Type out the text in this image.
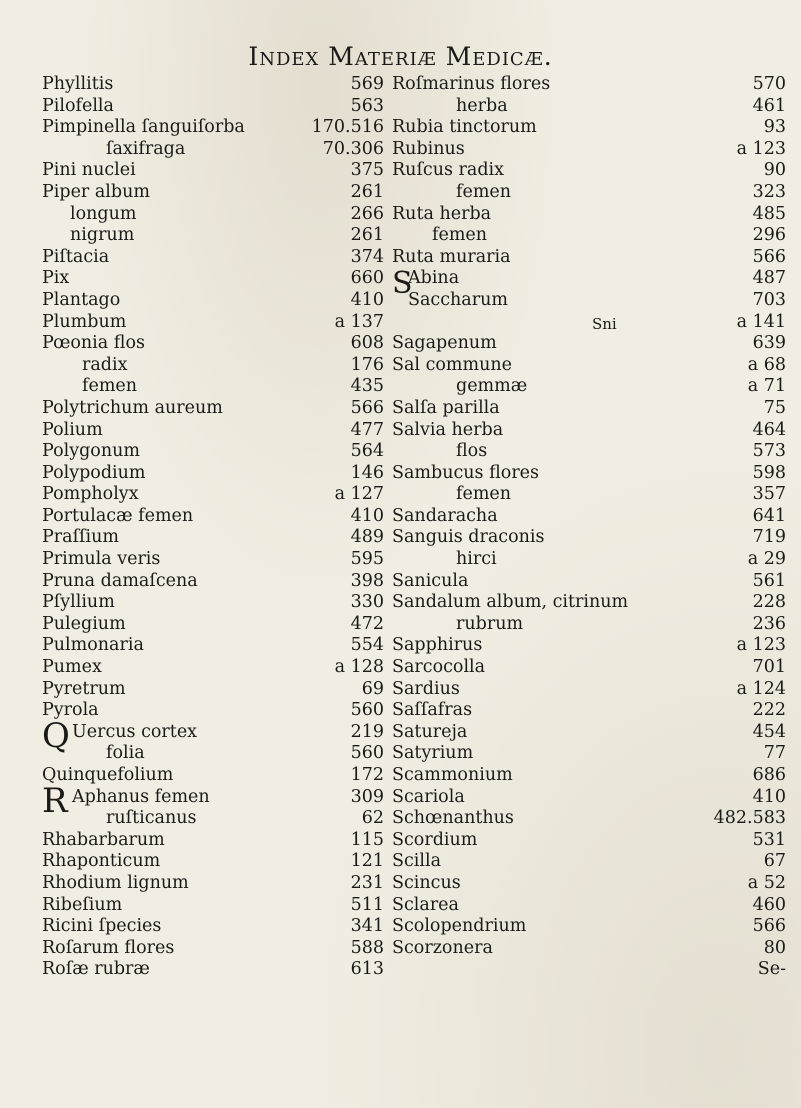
Index Materiæ Medicæ.
Phyllitis	569
Pilofella	563
Pimpinella ſanguiſorba	170.516
ſaxifraga	70.306
Pini nuclei	375
Piper album	261
longum	266
nigrum	261
Piſtacia	374
Pix	660
Plantago	410
Plumbum	a 137
Pœonia flos	608
radix	176
femen	435
Polytrichum aureum	566
Polium	477
Polygonum	564
Polypodium	146
Pompholyx	a 127
Portulacæ femen	410
Praſſium	489
Primula veris	595
Pruna damaſcena	398
Pſyllium	330
Pulegium	472
Pulmonaria	554
Pumex	a 128
Pyretrum	69
Pyrola	560
Q Uercus cortex	219
folia	560
Quinquefolium	172
R Aphanus femen	309
ruſticanus	62
Rhabarbarum	115
Rhaponticum	121
Rhodium lignum	231
Ribeſium	511
Ricini ſpecies	341
Roſarum flores	588
Roſæ rubræ	613
Roſmarinus flores	570
herba	461
Rubia tinctorum	93
Rubinus	a 123
Ruſcus radix	90
femen	323
Ruta herba	485
femen	296
Ruta muraria	566
SAbina	487
Saccharum	703
Sni	a 141
Sagapenum	639
Sal commune	a 68
gemmæ	a 71
Salſa parilla	75
Salvia herba	464
flos	573
Sambucus flores	598
femen	357
Sandaracha	641
Sanguis draconis	719
hirci	a 29
Sanicula	561
Sandalum album, citrinum	228
rubrum	236
Sapphirus	a 123
Sarcocolla	701
Sardius	a 124
Saſſafras	222
Satureja	454
Satyrium	77
Scammonium	686
Scariola	410
Schœnanthus	482.583
Scordium	531
Scilla	67
Scincus	a 52
Sclarea	460
Scolopendrium	566
Scorzonera	80
Se-
